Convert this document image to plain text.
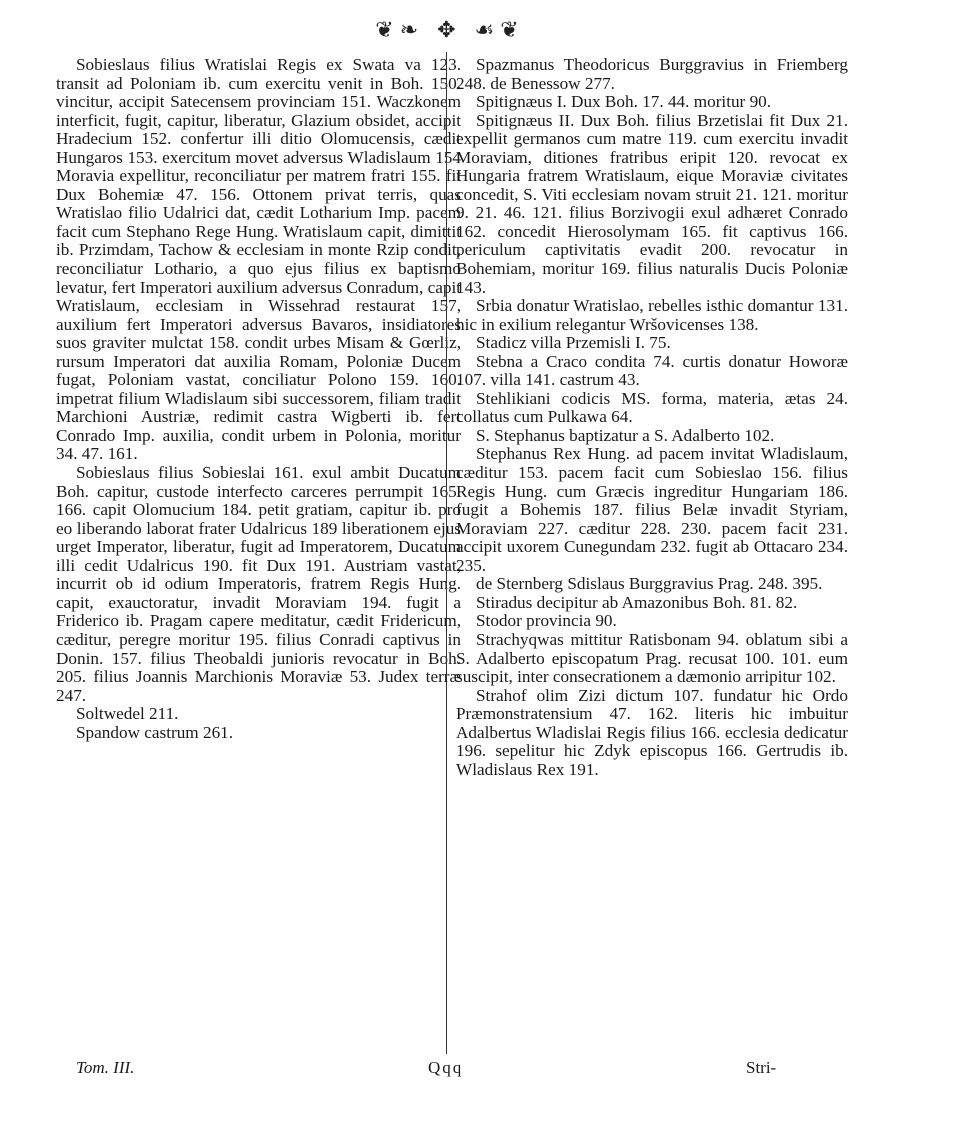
❦❧ ✥ ☙❦

Sobieslaus filius Wratislai Regis ex Swata va 123. transit ad Poloniam ib. cum exercitu venit in Boh. 150. vincitur, accipit Satecensem provinciam 151. Waczkonem interficit, fugit, capitur, liberatur, Glazium obsidet, accipit Hradecium 152. confertur illi ditio Olomucensis, cædit Hungaros 153. exercitum movet adversus Wladislaum 154 Moravia expellitur, reconciliatur per matrem fratri 155. fit Dux Bohemiæ 47. 156. Ottonem privat terris, quas Wratislao filio Udalrici dat, cædit Lotharium Imp. pacem facit cum Stephano Rege Hung. Wratislaum capit, dimittit ib. Przimdam, Tachow & ecclesiam in monte Rzip condit, reconciliatur Lothario, a quo ejus filius ex baptismo levatur, fert Imperatori auxilium adversus Conradum, capit Wratislaum, ecclesiam in Wissehrad restaurat 157, auxilium fert Imperatori adversus Bavaros, insidiatores suos graviter mulctat 158. condit urbes Misam & Gœrliz, rursum Imperatori dat auxilia Romam, Poloniæ Ducem fugat, Poloniam vastat, conciliatur Polono 159. 160. impetrat filium Wladislaum sibi successorem, filiam tradit Marchioni Austriæ, redimit castra Wigberti ib. fert Conrado Imp. auxilia, condit urbem in Polonia, moritur 34. 47. 161.

Sobieslaus filius Sobieslai 161. exul ambit Ducatum Boh. capitur, custode interfecto carceres perrumpit 165. 166. capit Olomucium 184. petit gratiam, capitur ib. pro eo liberando laborat frater Udalricus 189 liberationem ejus urget Imperator, liberatur, fugit ad Imperatorem, Ducatum illi cedit Udalricus 190. fit Dux 191. Austriam vastat, incurrit ob id odium Imperatoris, fratrem Regis Hung. capit, exauctoratur, invadit Moraviam 194. fugit a Friderico ib. Pragam capere meditatur, cædit Fridericum, cæditur, peregre moritur 195. filius Conradi captivus in Donin. 157. filius Theobaldi junioris revocatur in Boh. 205. filius Joannis Marchionis Moraviæ 53. Judex terræ 247.

Soltwedel 211.

Spandow castrum 261.

Spazmanus Theodoricus Burggravius in Friemberg 248. de Benessow 277.

Spitignæus I. Dux Boh. 17. 44. moritur 90.

Spitignæus II. Dux Boh. filius Brzetislai fit Dux 21. expellit germanos cum matre 119. cum exercitu invadit Moraviam, ditiones fratribus eripit 120. revocat ex Hungaria fratrem Wratislaum, eique Moraviæ civitates concedit, S. Viti ecclesiam novam struit 21. 121. moritur 9. 21. 46. 121. filius Borzivogii exul adhæret Conrado 162. concedit Hierosolymam 165. fit captivus 166. periculum captivitatis evadit 200. revocatur in Bohemiam, moritur 169. filius naturalis Ducis Poloniæ 143.

Srbia donatur Wratislao, rebelles isthic domantur 131. hic in exilium relegantur Wršovicenses 138.

Stadicz villa Przemisli I. 75.

Stebna a Craco condita 74. curtis donatur Howoræ 107. villa 141. castrum 43.

Stehlikiani codicis MS. forma, materia, ætas 24. collatus cum Pulkawa 64.

S. Stephanus baptizatur a S. Adalberto 102.

Stephanus Rex Hung. ad pacem invitat Wladislaum, cæditur 153. pacem facit cum Sobieslao 156. filius Regis Hung. cum Græcis ingreditur Hungariam 186. fugit a Bohemis 187. filius Belæ invadit Styriam, Moraviam 227. cæditur 228. 230. pacem facit 231. accipit uxorem Cunegundam 232. fugit ab Ottacaro 234. 235.

de Sternberg Sdislaus Burggravius Prag. 248. 395.

Stiradus decipitur ab Amazonibus Boh. 81. 82.

Stodor provincia 90.

Strachyqwas mittitur Ratisbonam 94. oblatum sibi a S. Adalberto episcopatum Prag. recusat 100. 101. eum suscipit, inter consecrationem a dæmonio arripitur 102.

Strahof olim Zizi dictum 107. fundatur hic Ordo Præmonstratensium 47. 162. literis hic imbuitur Adalbertus Wladislai Regis filius 166. ecclesia dedicatur 196. sepelitur hic Zdyk episcopus 166. Gertrudis ib. Wladislaus Rex 191.

Tom. III.	Qqq	Stri-
